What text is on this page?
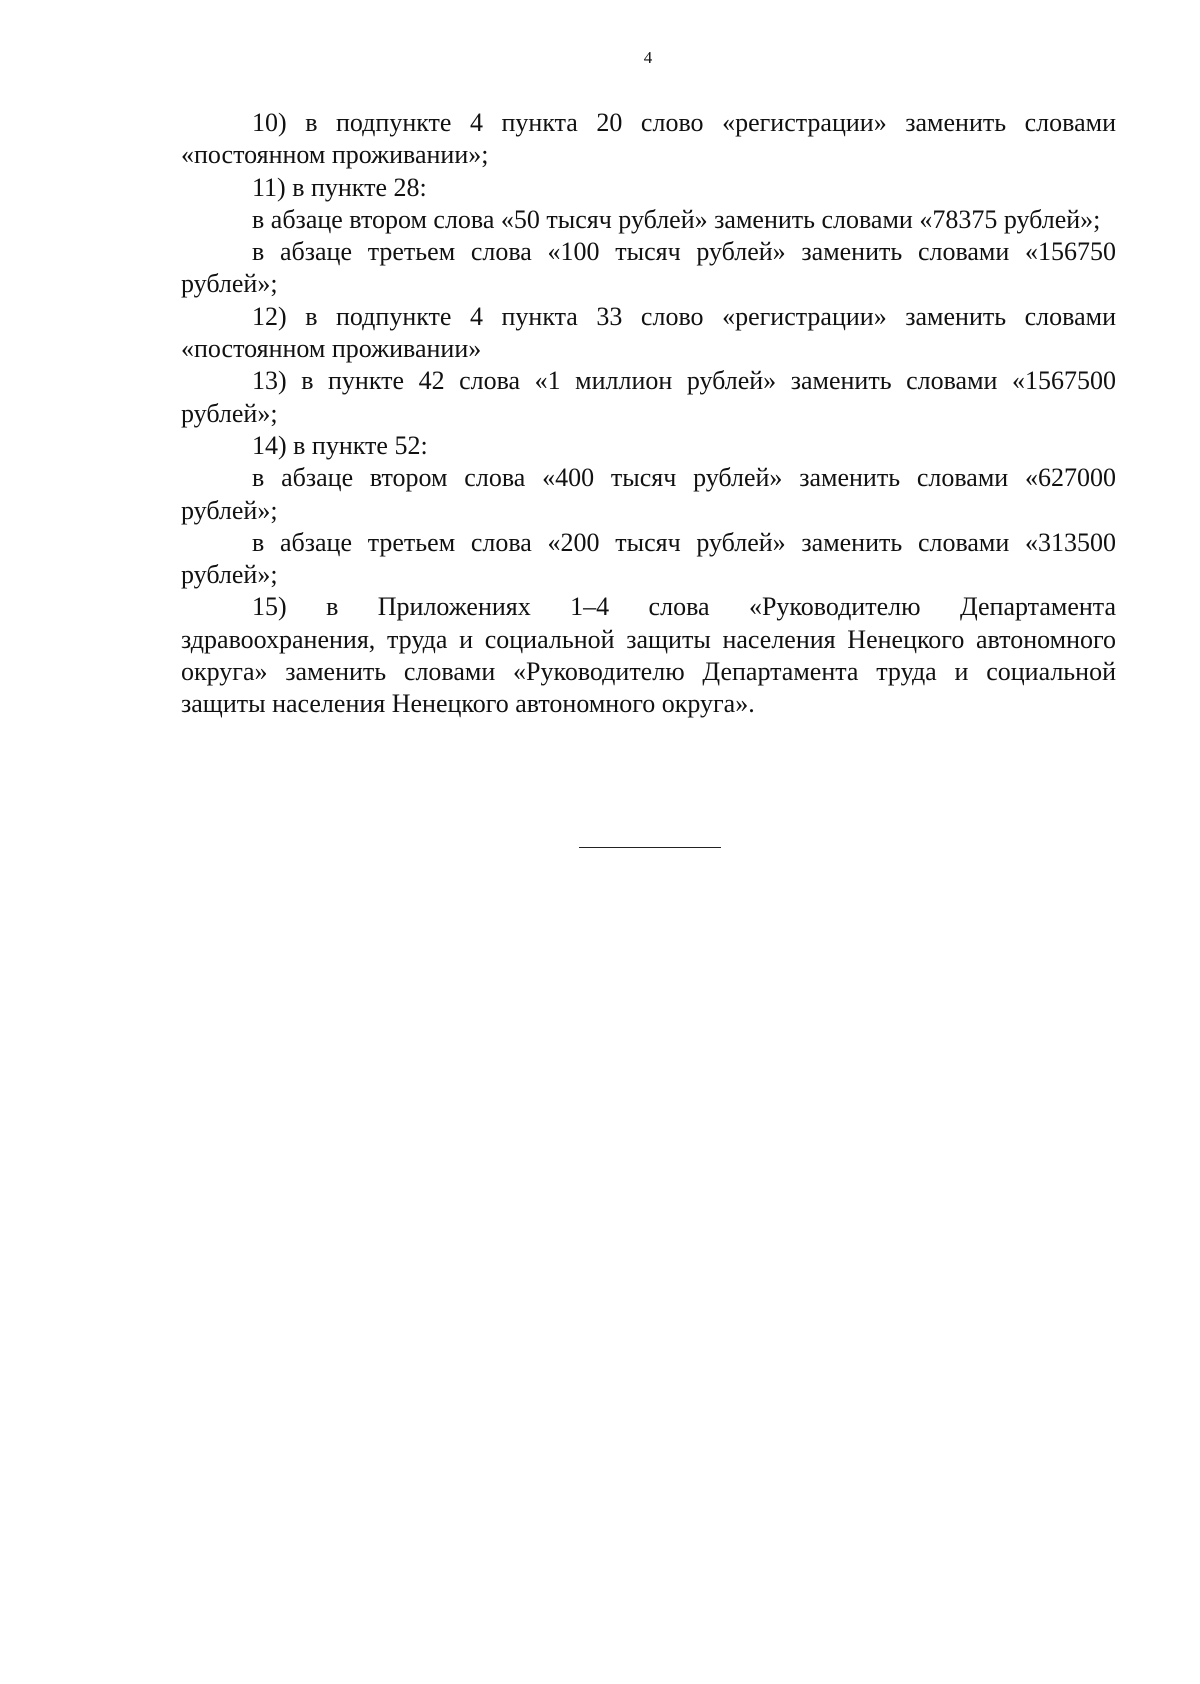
4

10) в подпункте 4 пункта 20 слово «регистрации» заменить словами «постоянном проживании»;

11) в пункте 28:

в абзаце втором слова «50 тысяч рублей» заменить словами «78375 рублей»;

в абзаце третьем слова «100 тысяч рублей» заменить словами «156750 рублей»;

12) в подпункте 4 пункта 33 слово «регистрации» заменить словами «постоянном проживании»

13) в пункте 42 слова «1 миллион рублей» заменить словами «1567500 рублей»;

14) в пункте 52:

в абзаце втором слова «400 тысяч рублей» заменить словами «627000 рублей»;

в абзаце третьем слова «200 тысяч рублей» заменить словами «313500 рублей»;

15) в Приложениях 1–4 слова «Руководителю Департамента здравоохранения, труда и социальной защиты населения Ненецкого автономного округа» заменить словами «Руководителю Департамента труда и социальной защиты населения Ненецкого автономного округа».
